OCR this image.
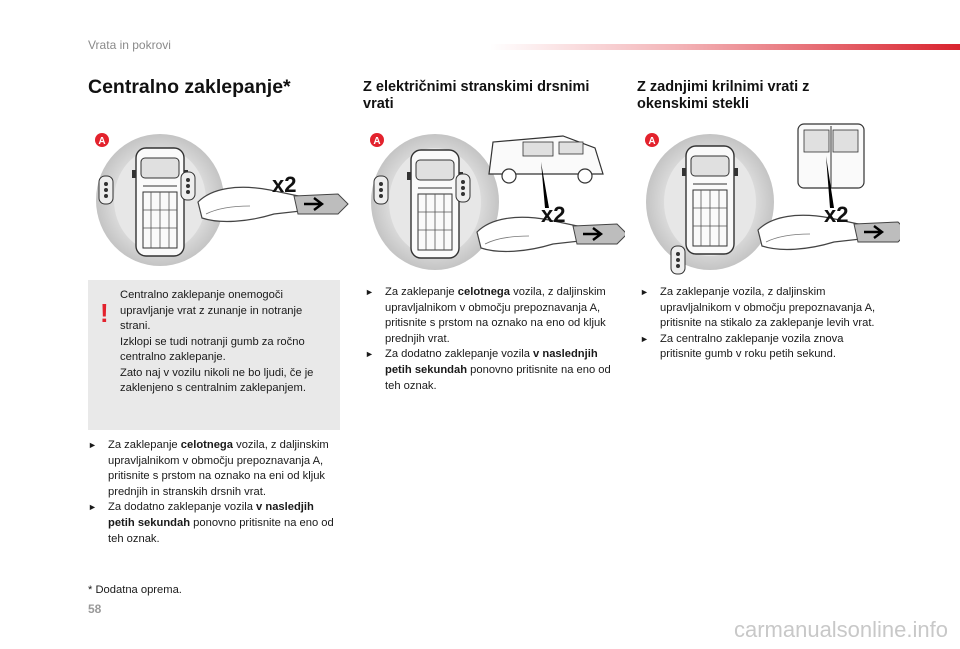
Vrata in pokrovi
Centralno zaklepanje*	Z električnimi stranskimi drsnimi
vrati
Z zadnjimi krilnimi vrati z
okenskimi stekli
A
x2
A
x2
A
x2
!
Centralno zaklepanje onemogoči
upravljanje vrat z zunanje in notranje
strani.
Izklopi se tudi notranji gumb za ročno
centralno zaklepanje.
Zato naj v vozilu nikoli ne bo ljudi, če je
zaklenjeno s centralnim zaklepanjem.
► Za zaklepanje celotnega vozila, z daljinskim upravljalnikom v območju prepoznavanja A, pritisnite s prstom na oznako na eni od kljuk prednjih in stranskih drsnih vrat.
► Za dodatno zaklepanje vozila v nasledjih petih sekundah ponovno pritisnite na eno od teh oznak.
► Za zaklepanje celotnega vozila, z daljinskim upravljalnikom v območju prepoznavanja A, pritisnite s prstom na oznako na eno od kljuk prednjih vrat.
► Za dodatno zaklepanje vozila v naslednjih petih sekundah ponovno pritisnite na eno od teh oznak.
► Za zaklepanje vozila, z daljinskim upravljalnikom v območju prepoznavanja A, pritisnite na stikalo za zaklepanje levih vrat.
► Za centralno zaklepanje vozila znova pritisnite gumb v roku petih sekund.
* Dodatna oprema.
58
carmanualsonline.info
